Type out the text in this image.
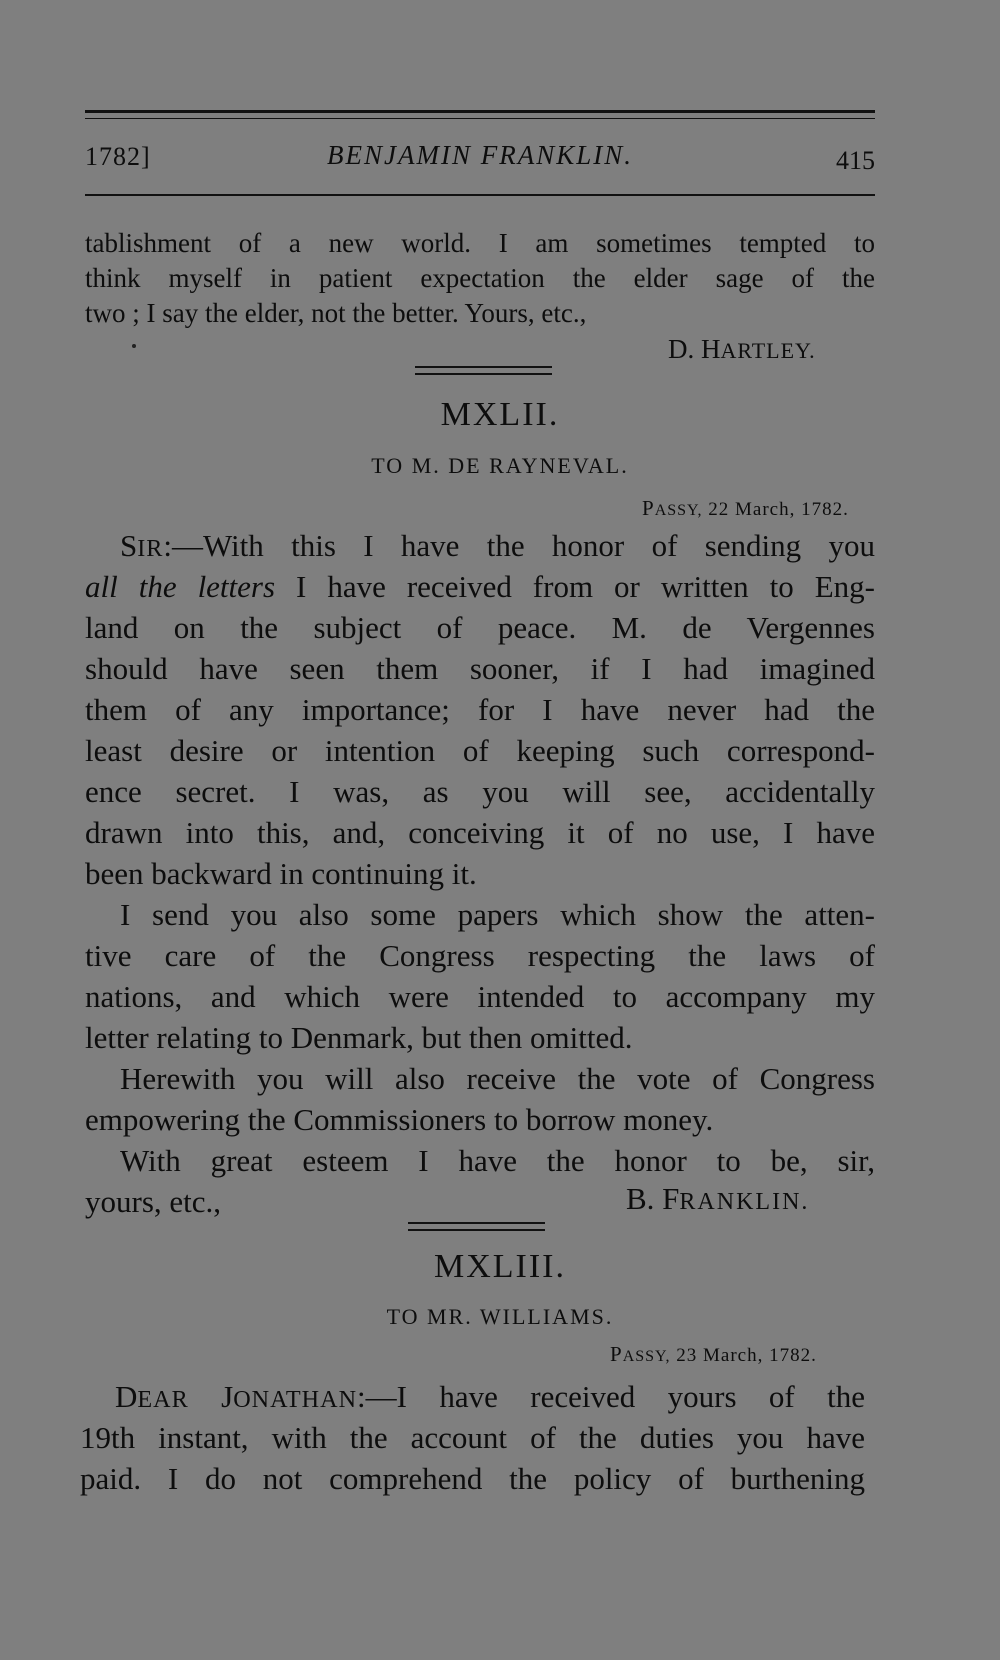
1782]	BENJAMIN FRANKLIN.	415
tablishment of a new world. I am sometimes tempted to
think myself in patient expectation the elder sage of the
two ; I say the elder, not the better. Yours, etc.,
D. HARTLEY.
MXLII.
TO M. DE RAYNEVAL.
PASSY, 22 March, 1782.
SIR:—With this I have the honor of sending you
all the letters I have received from or written to Eng-
land on the subject of peace. M. de Vergennes
should have seen them sooner, if I had imagined
them of any importance; for I have never had the
least desire or intention of keeping such correspond-
ence secret. I was, as you will see, accidentally
drawn into this, and, conceiving it of no use, I have
been backward in continuing it.
I send you also some papers which show the atten-
tive care of the Congress respecting the laws of
nations, and which were intended to accompany my
letter relating to Denmark, but then omitted.
Herewith you will also receive the vote of Congress
empowering the Commissioners to borrow money.
With great esteem I have the honor to be, sir,
yours, etc.,	B. FRANKLIN.
MXLIII.
TO MR. WILLIAMS.
PASSY, 23 March, 1782.
DEAR JONATHAN:—I have received yours of the
19th instant, with the account of the duties you have
paid. I do not comprehend the policy of burthening
